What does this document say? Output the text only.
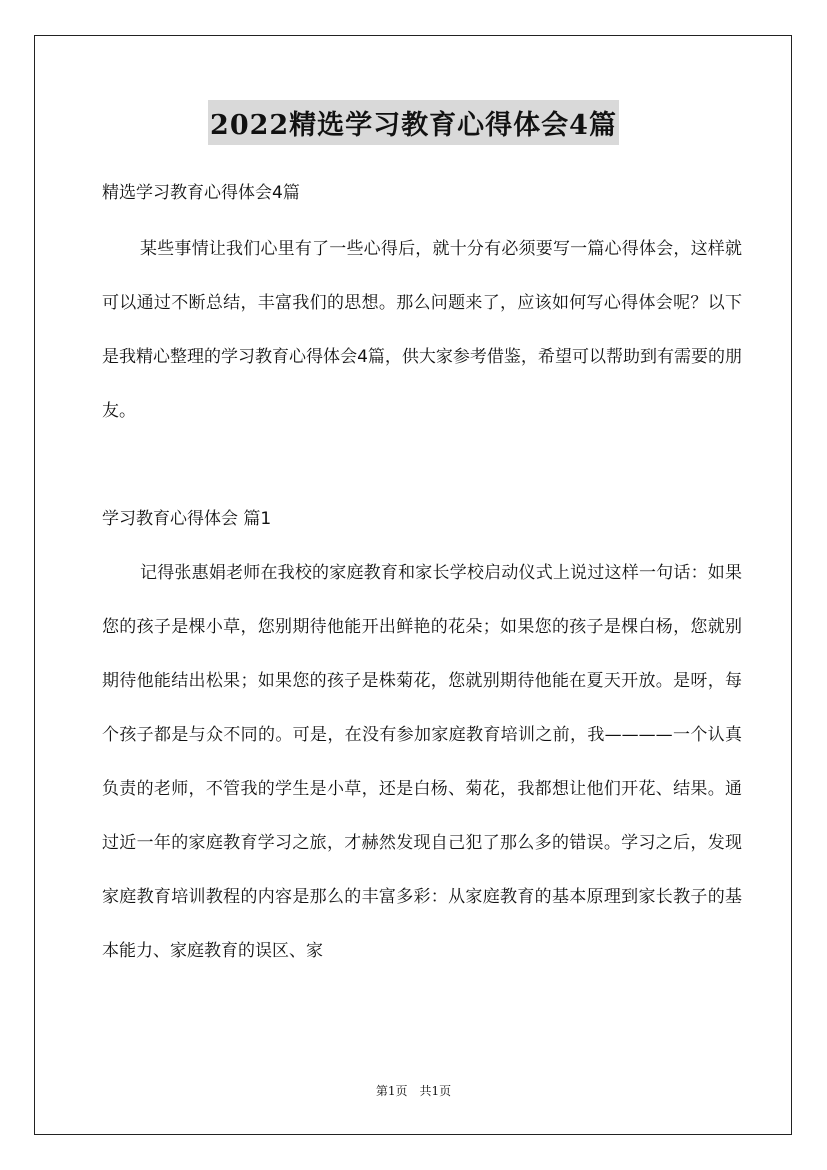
2022精选学习教育心得体会4篇
精选学习教育心得体会4篇
某些事情让我们心里有了一些心得后，就十分有必须要写一篇心得体会，这样就可以通过不断总结，丰富我们的思想。那么问题来了，应该如何写心得体会呢？以下是我精心整理的学习教育心得体会4篇，供大家参考借鉴，希望可以帮助到有需要的朋友。
学习教育心得体会 篇1
记得张惠娟老师在我校的家庭教育和家长学校启动仪式上说过这样一句话：如果您的孩子是棵小草，您别期待他能开出鲜艳的花朵；如果您的孩子是棵白杨，您就别期待他能结出松果；如果您的孩子是株菊花，您就别期待他能在夏天开放。是呀，每个孩子都是与众不同的。可是，在没有参加家庭教育培训之前，我————一个认真负责的老师，不管我的学生是小草，还是白杨、菊花，我都想让他们开花、结果。通过近一年的家庭教育学习之旅，才赫然发现自己犯了那么多的错误。学习之后，发现家庭教育培训教程的内容是那么的丰富多彩：从家庭教育的基本原理到家长教子的基本能力、家庭教育的误区、家
第1页　共1页
